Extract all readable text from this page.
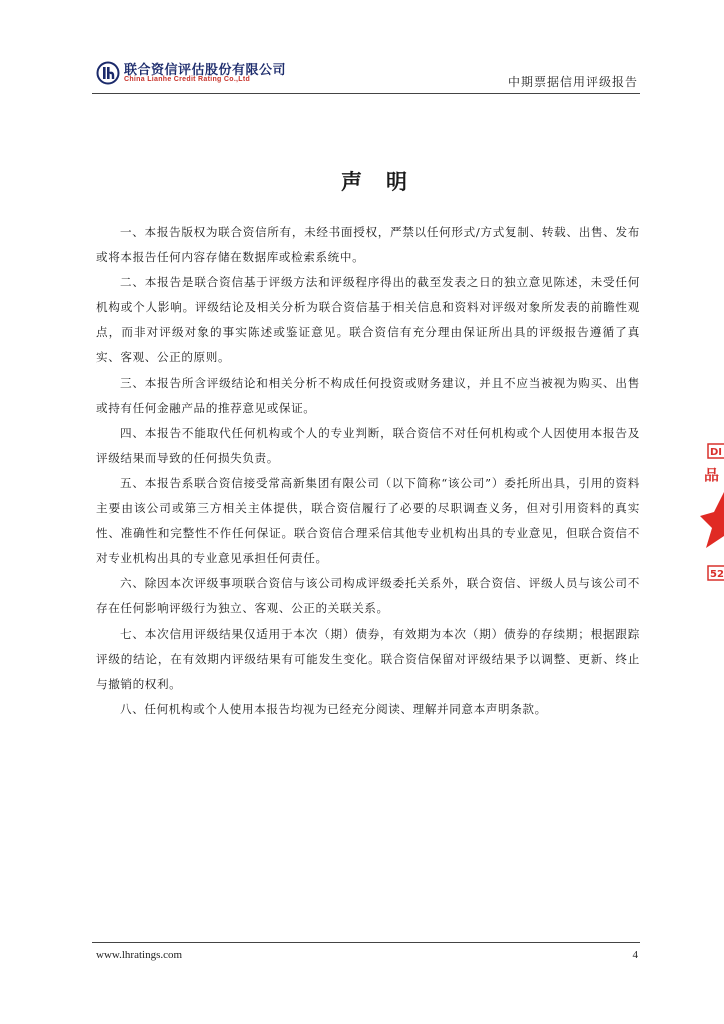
联合资信评估股份有限公司
China Lianhe Credit Rating Co.,Ltd	中期票据信用评级报告
声明

一、本报告版权为联合资信所有，未经书面授权，严禁以任何形式/方式复制、转载、出售、发布或将本报告任何内容存储在数据库或检索系统中。

二、本报告是联合资信基于评级方法和评级程序得出的截至发表之日的独立意见陈述，未受任何机构或个人影响。评级结论及相关分析为联合资信基于相关信息和资料对评级对象所发表的前瞻性观点，而非对评级对象的事实陈述或鉴证意见。联合资信有充分理由保证所出具的评级报告遵循了真实、客观、公正的原则。

三、本报告所含评级结论和相关分析不构成任何投资或财务建议，并且不应当被视为购买、出售或持有任何金融产品的推荐意见或保证。

四、本报告不能取代任何机构或个人的专业判断，联合资信不对任何机构或个人因使用本报告及评级结果而导致的任何损失负责。

五、本报告系联合资信接受常高新集团有限公司（以下简称“该公司”）委托所出具，引用的资料主要由该公司或第三方相关主体提供，联合资信履行了必要的尽职调查义务，但对引用资料的真实性、准确性和完整性不作任何保证。联合资信合理采信其他专业机构出具的专业意见，但联合资信不对专业机构出具的专业意见承担任何责任。

六、除因本次评级事项联合资信与该公司构成评级委托关系外，联合资信、评级人员与该公司不存在任何影响评级行为独立、客观、公正的关联关系。

七、本次信用评级结果仅适用于本次（期）债券，有效期为本次（期）债券的存续期；根据跟踪评级的结论，在有效期内评级结果有可能发生变化。联合资信保留对评级结果予以调整、更新、终止与撤销的权利。

八、任何机构或个人使用本报告均视为已经充分阅读、理解并同意本声明条款。

DI
品
52
www.lhratings.com	4
